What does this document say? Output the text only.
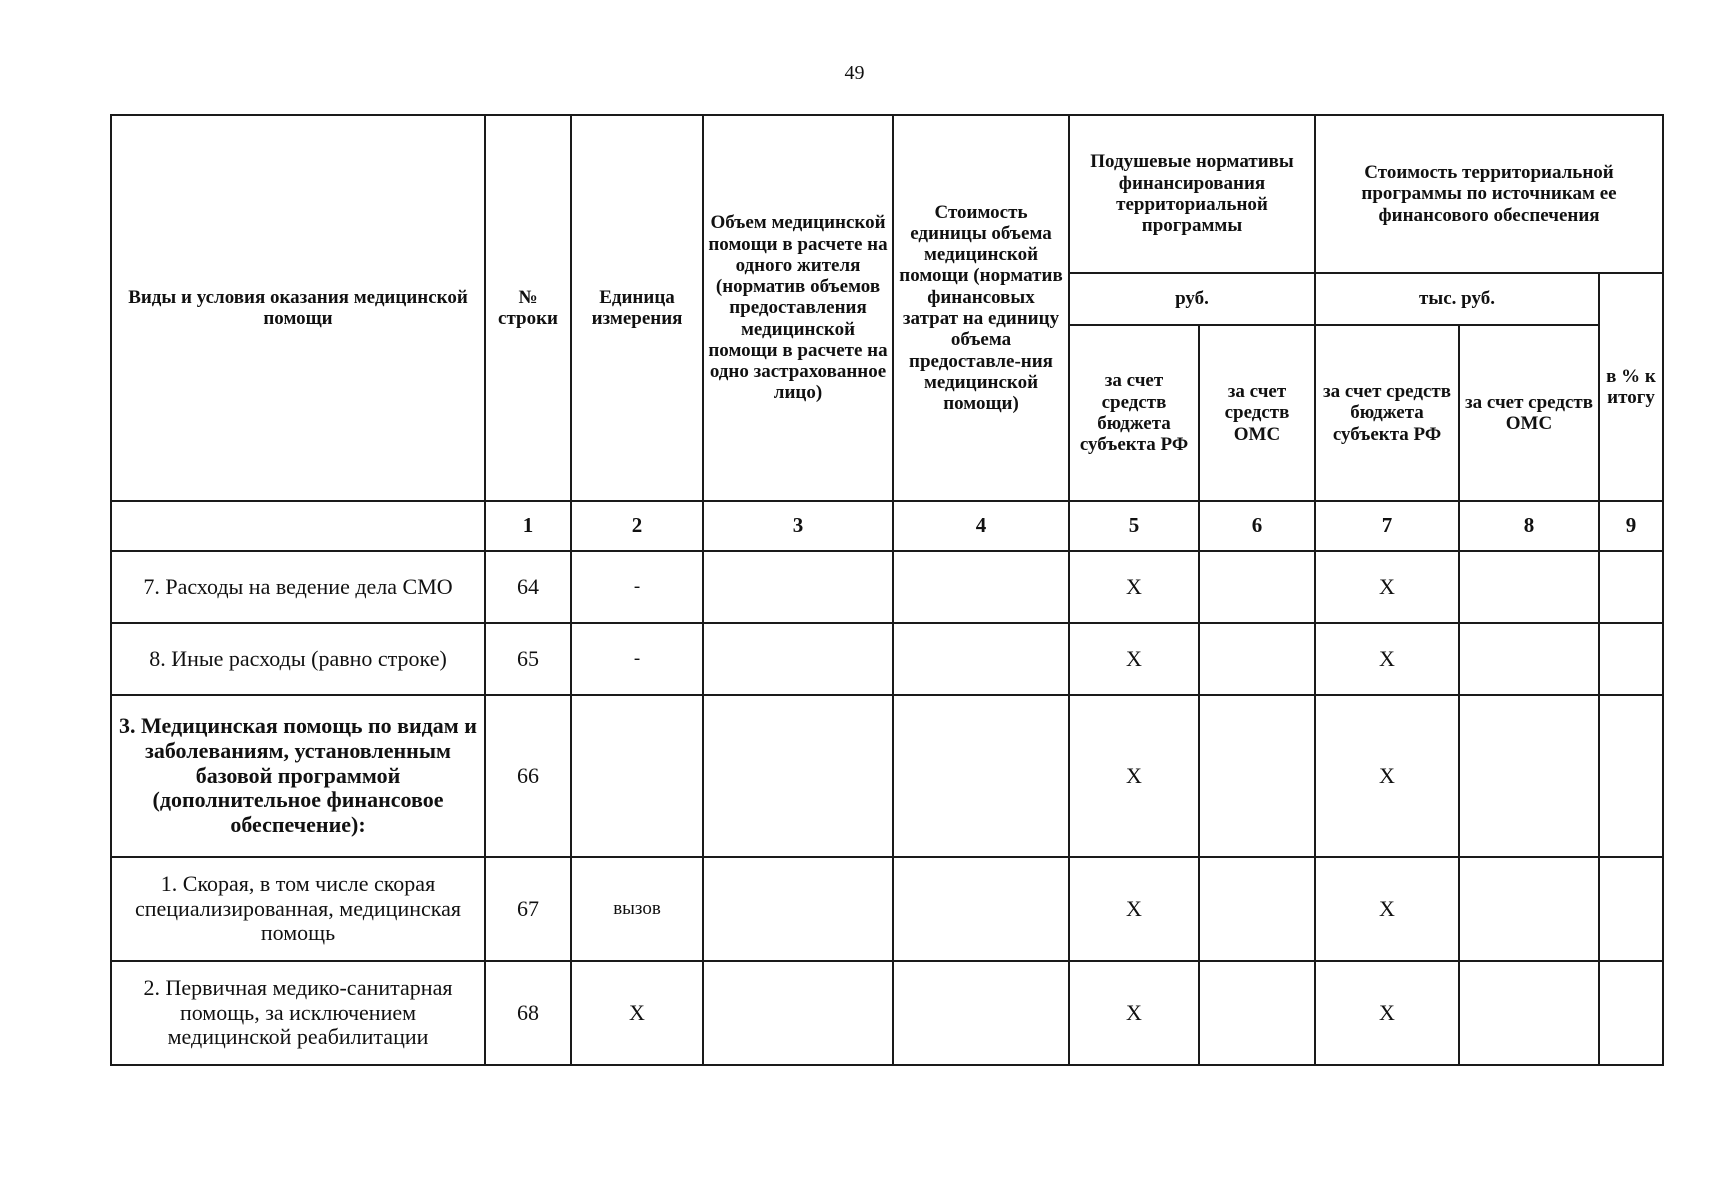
49
Виды и условия оказания медицинской помощи	№ строки	Единица измерения	Объем медицинской помощи в расчете на одного жителя (норматив объемов предоставления медицинской помощи в расчете на одно застрахованное лицо)	Стоимость единицы объема медицинской помощи (норматив финансовых затрат на единицу объема предоставле-ния медицинской помощи)	Подушевые нормативы финансирования территориальной программы		Стоимость территориальной программы по источникам ее финансового обеспечения		
					руб.		тыс. руб.		в % к итогу
					за счет средств бюджета субъекта РФ	за счет средств ОМС	за счет средств бюджета субъекта РФ	за счет средств ОМС	
	1	2	3	4	5	6	7	8	9
7. Расходы на ведение дела СМО	64	-			X		X		
8. Иные расходы (равно строке)	65	-			X		X		
3. Медицинская помощь по видам и заболеваниям, установленным базовой программой (дополнительное финансовое обеспечение):	66				X		X		
1. Скорая, в том числе скорая специализированная, медицинская помощь	67	вызов			X		X		
2. Первичная медико-санитарная помощь, за исключением медицинской реабилитации	68	X			X		X		
